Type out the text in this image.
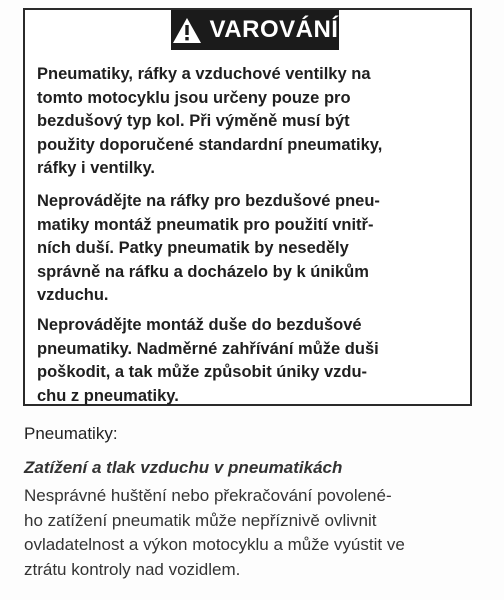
VAROVÁNÍ

Pneumatiky, ráfky a vzduchové ventilky na
tomto motocyklu jsou určeny pouze pro
bezdušový typ kol. Při výměně musí být
použity doporučené standardní pneumatiky,
ráfky i ventilky.

Neprovádějte na ráfky pro bezdušové pneu-
matiky montáž pneumatik pro použití vnitř-
ních duší. Patky pneumatik by neseděly
správně na ráfku a docházelo by k únikům
vzduchu.

Neprovádějte montáž duše do bezdušové
pneumatiky. Nadměrné zahřívání může duši
poškodit, a tak může způsobit úniky vzdu-
chu z pneumatiky.

Pneumatiky:
Zatížení a tlak vzduchu v pneumatikách

Nesprávné huštění nebo překračování povolené-
ho zatížení pneumatik může nepříznivě ovlivnit
ovladatelnost a výkon motocyklu a může vyústit ve
ztrátu kontroly nad vozidlem.
